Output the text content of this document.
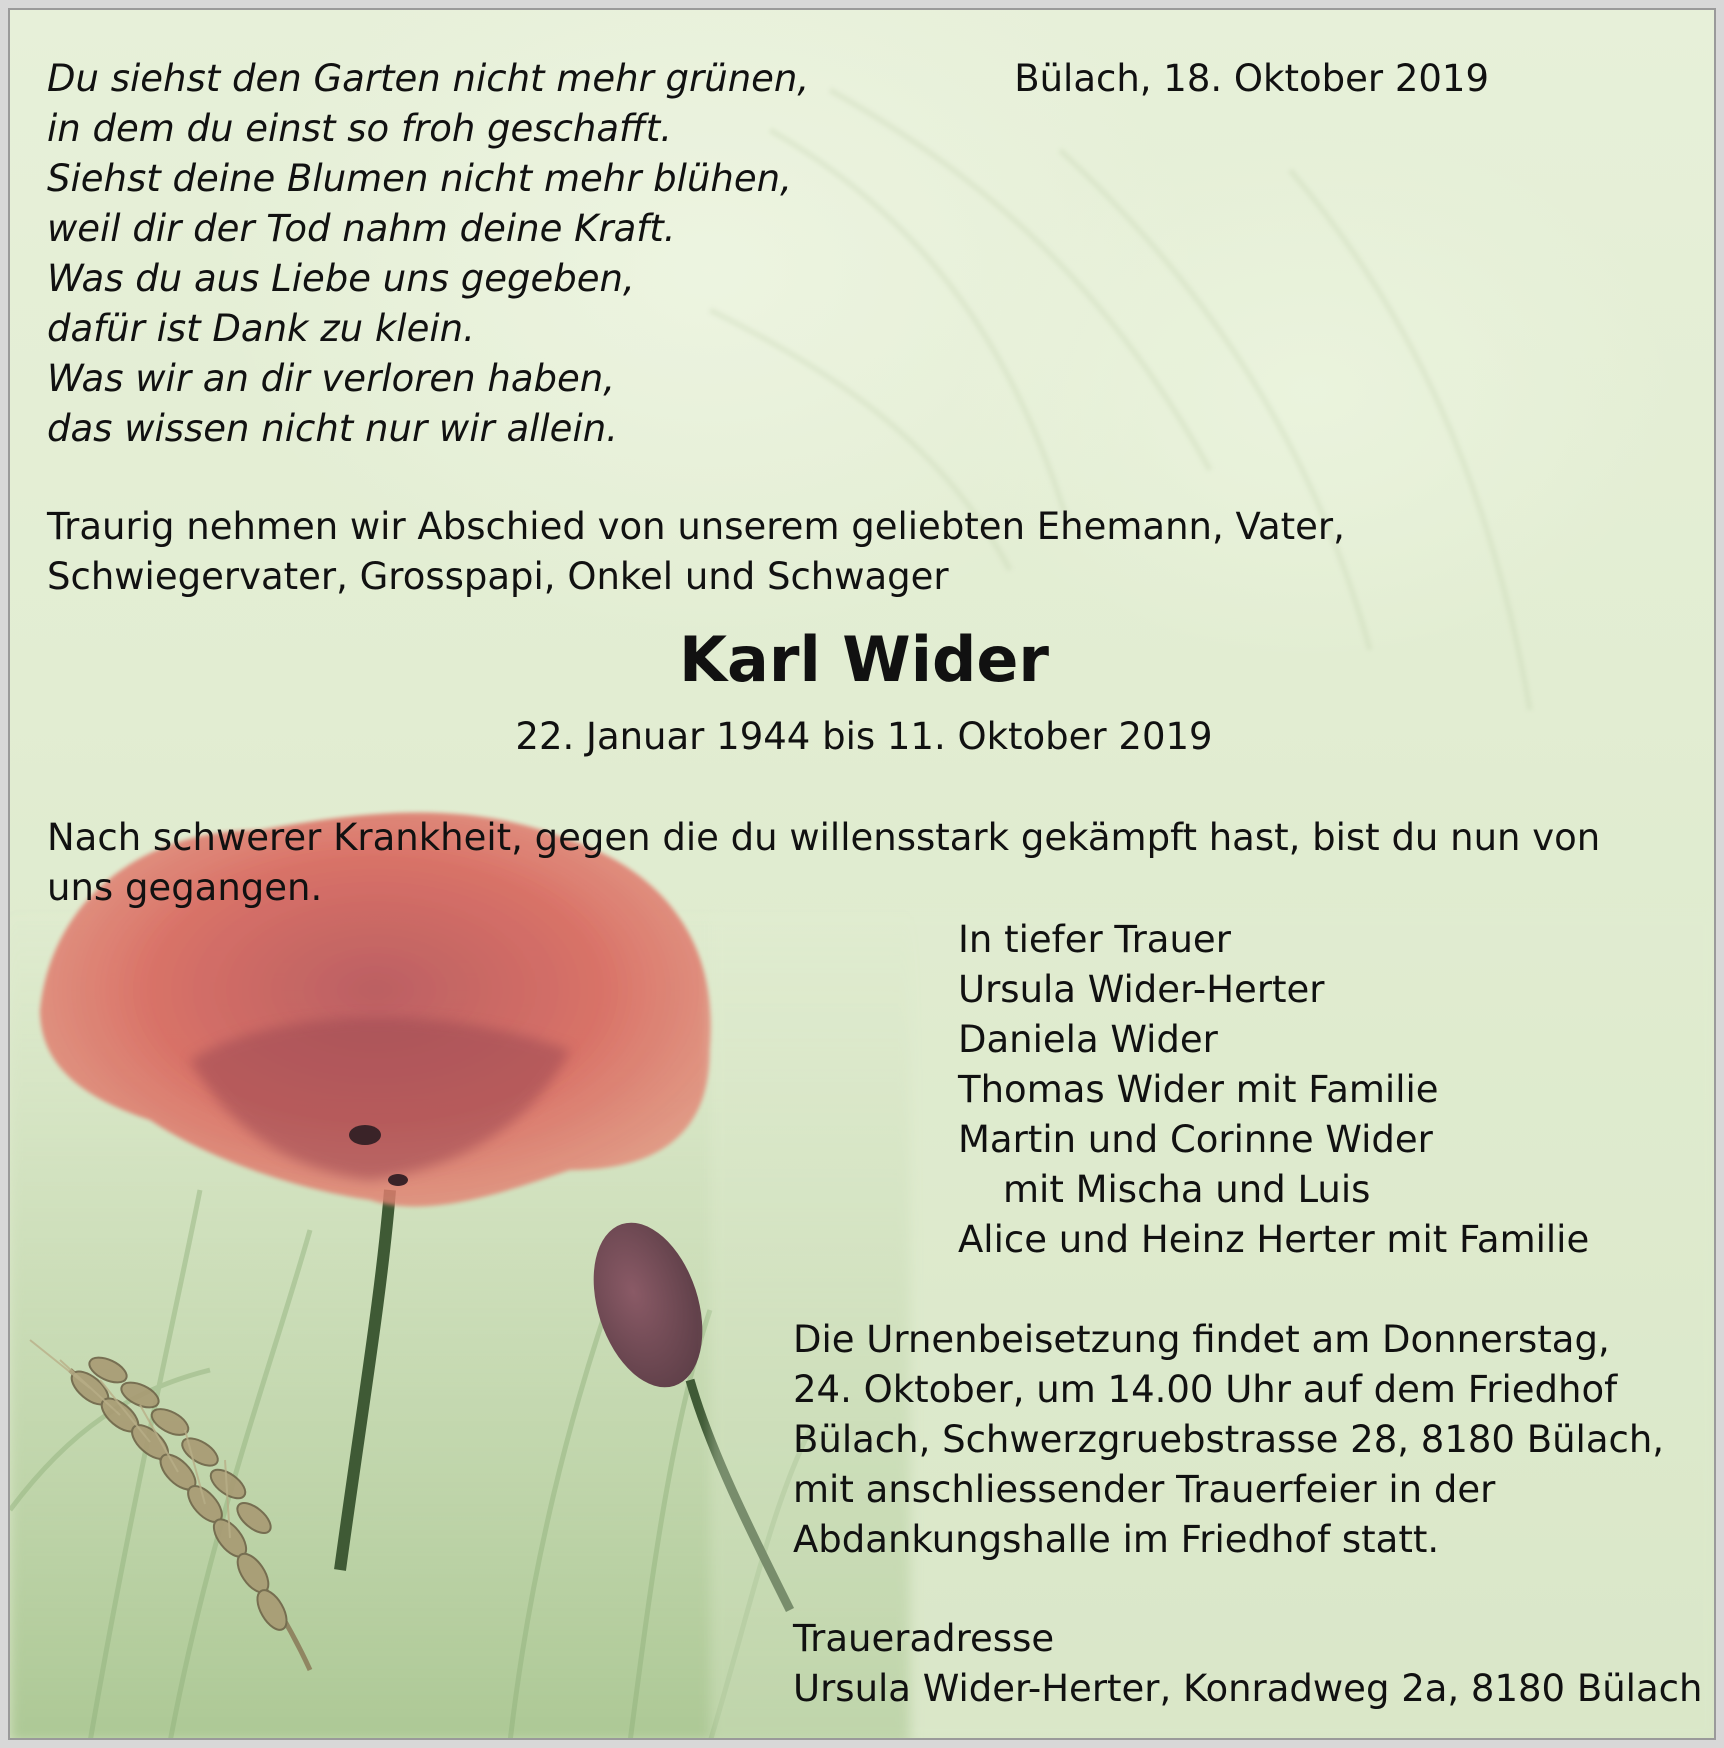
Du siehst den Garten nicht mehr grünen,
in dem du einst so froh geschafft.
Siehst deine Blumen nicht mehr blühen,
weil dir der Tod nahm deine Kraft.
Was du aus Liebe uns gegeben,
dafür ist Dank zu klein.
Was wir an dir verloren haben,
das wissen nicht nur wir allein.
Bülach, 18. Oktober 2019
Traurig nehmen wir Abschied von unserem geliebten Ehemann, Vater, Schwiegervater, Grosspapi, Onkel und Schwager
Karl Wider
22. Januar 1944 bis 11. Oktober 2019
Nach schwerer Krankheit, gegen die du willensstark gekämpft hast, bist du nun von uns gegangen.
In tiefer Trauer
Ursula Wider-Herter
Daniela Wider
Thomas Wider mit Familie
Martin und Corinne Wider
mit Mischa und Luis
Alice und Heinz Herter mit Familie
Die Urnenbeisetzung findet am Donnerstag,
24. Oktober, um 14.00 Uhr auf dem Friedhof
Bülach, Schwerzgruebstrasse 28, 8180 Bülach,
mit anschliessender Trauerfeier in der
Abdankungshalle im Friedhof statt.
Traueradresse
Ursula Wider-Herter, Konradweg 2a, 8180 Bülach
